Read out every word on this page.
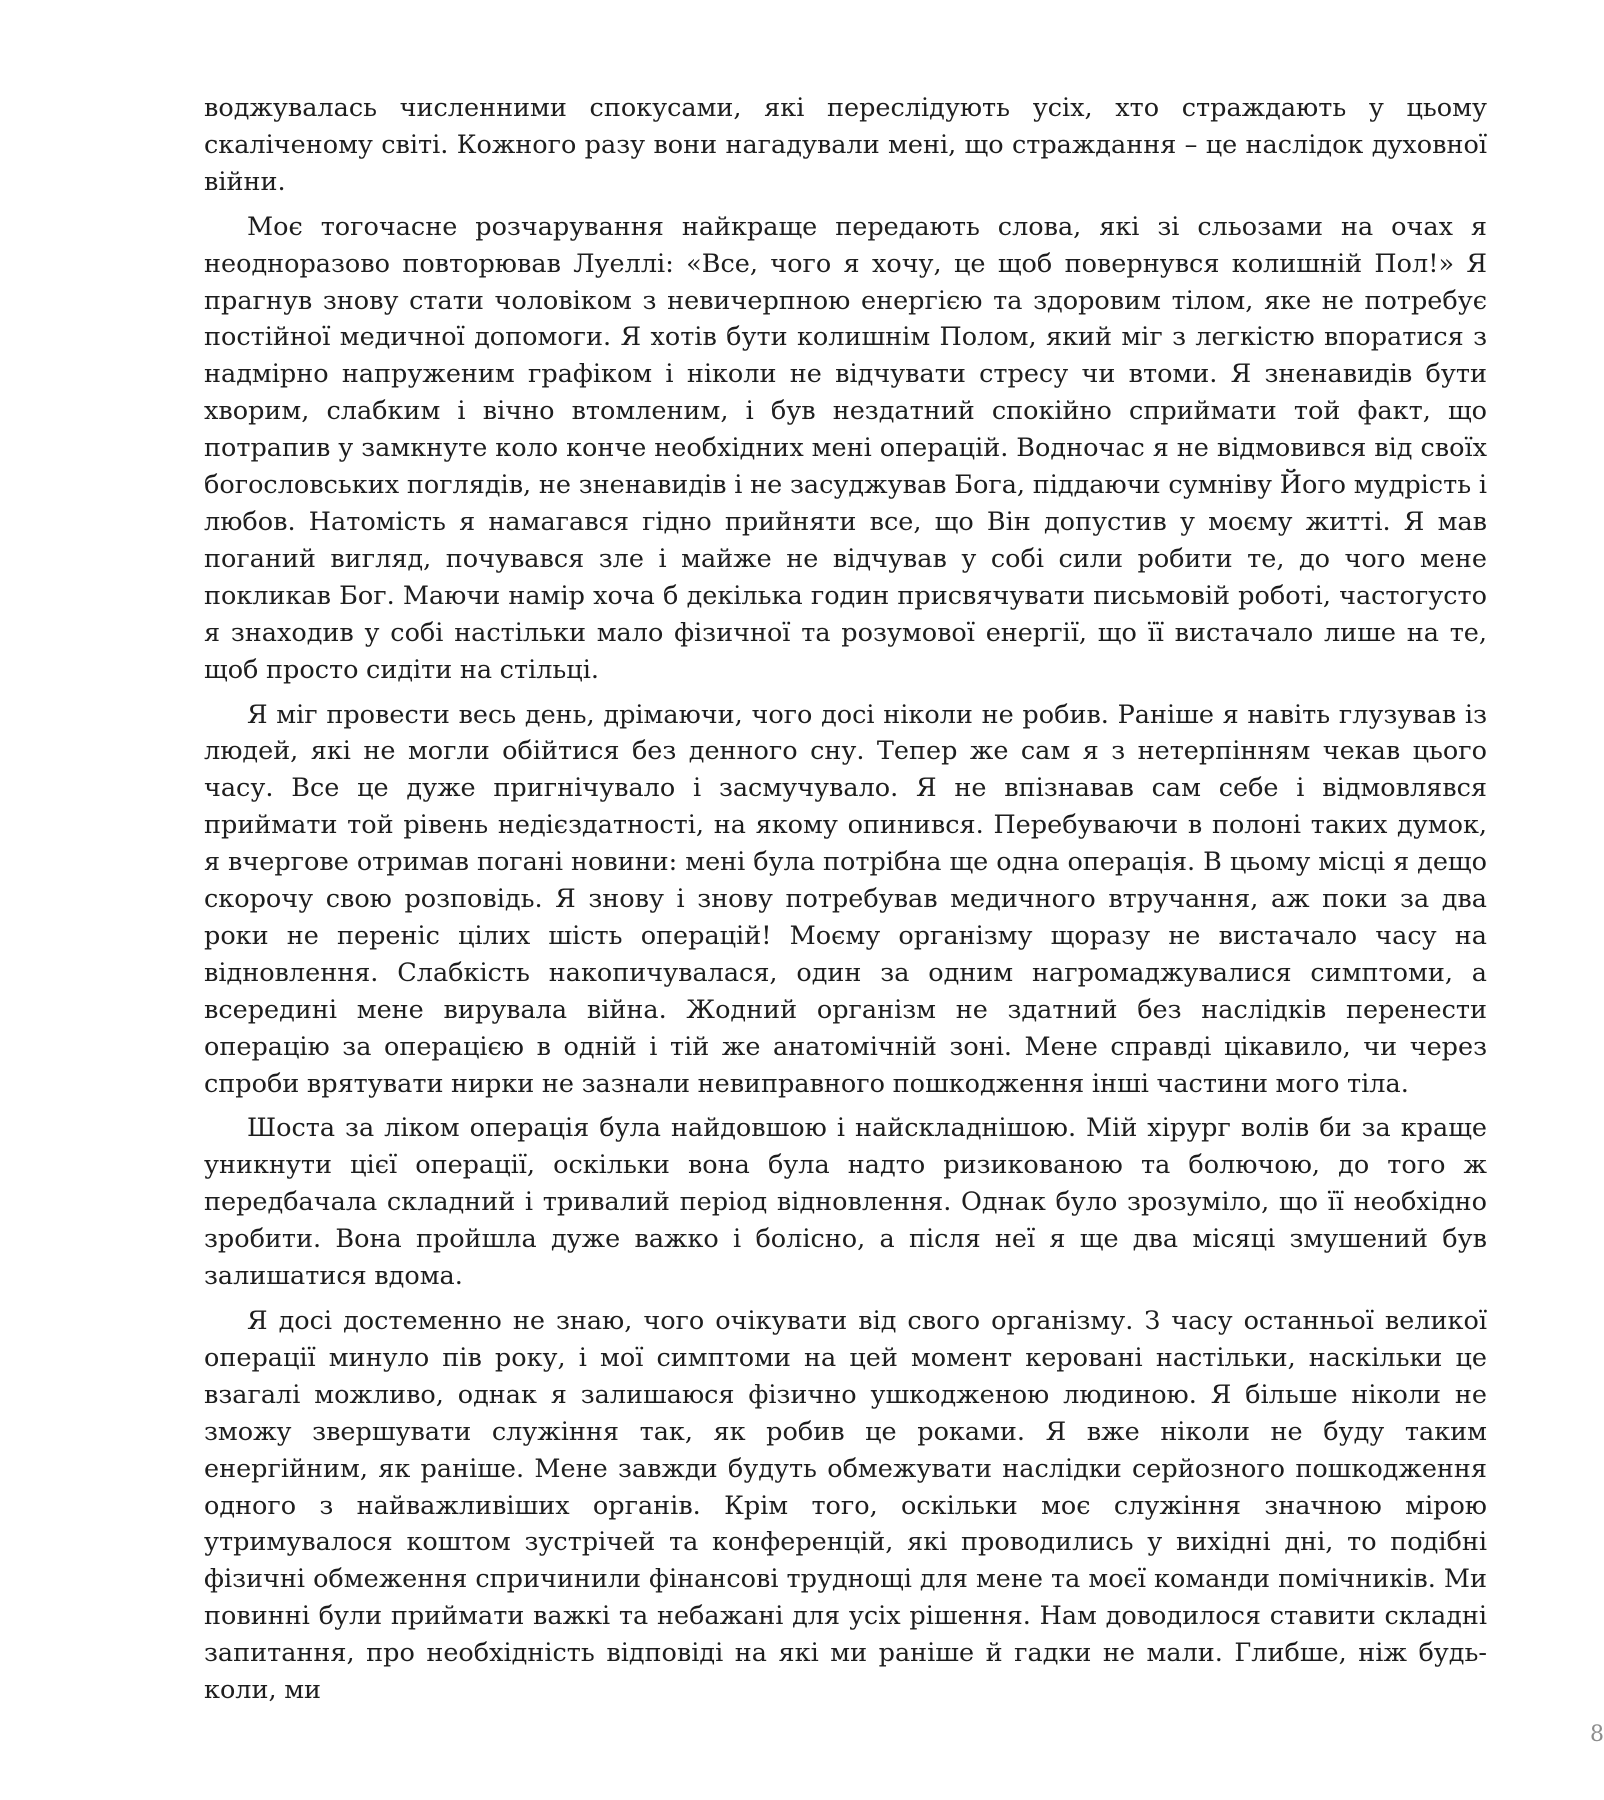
воджувалась численними спокусами, які переслідують усіх, хто страждають у цьому скаліченому світі. Кожного разу вони нагадували мені, що страждання – це наслідок духовної війни.

Моє тогочасне розчарування найкраще передають слова, які зі сльозами на очах я неодноразово повторював Луеллі: «Все, чого я хочу, це щоб повернувся колишній Пол!» Я прагнув знову стати чоловіком з невичерпною енергією та здоровим тілом, яке не потребує постійної медичної допомоги. Я хотів бути колишнім Полом, який міг з легкістю впоратися з надмірно напруженим графіком і ніколи не відчувати стресу чи втоми. Я зненавидів бути хворим, слабким і вічно втомленим, і був нездатний спокійно сприймати той факт, що потрапив у замкнуте коло конче необхідних мені операцій. Водночас я не відмовився від своїх богословських поглядів, не зненавидів і не засуджував Бога, піддаючи сумніву Його мудрість і любов. Натомість я намагався гідно прийняти все, що Він допустив у моєму житті. Я мав поганий вигляд, почувався зле і майже не відчував у собі сили робити те, до чого мене покликав Бог. Маючи намір хоча б декілька годин присвячувати письмовій роботі, частогусто я знаходив у собі настільки мало фізичної та розумової енергії, що її вистачало лише на те, щоб просто сидіти на стільці.

Я міг провести весь день, дрімаючи, чого досі ніколи не робив. Раніше я навіть глузував із людей, які не могли обійтися без денного сну. Тепер же сам я з нетерпінням чекав цього часу. Все це дуже пригнічувало і засмучувало. Я не впізнавав сам себе і відмовлявся приймати той рівень недієздатності, на якому опинився. Перебуваючи в полоні таких думок, я вчергове отримав погані новини: мені була потрібна ще одна операція. В цьому місці я дещо скорочу свою розповідь. Я знову і знову потребував медичного втручання, аж поки за два роки не переніс цілих шість операцій! Моєму організму щоразу не вистачало часу на відновлення. Слабкість накопичувалася, один за одним нагромаджувалися симптоми, а всередині мене вирувала війна. Жодний організм не здатний без наслідків перенести операцію за операцією в одній і тій же анатомічній зоні. Мене справді цікавило, чи через спроби врятувати нирки не зазнали невиправного пошкодження інші частини мого тіла.

Шоста за ліком операція була найдовшою і найскладнішою. Мій хірург волів би за краще уникнути цієї операції, оскільки вона була надто ризикованою та болючою, до того ж передбачала складний і тривалий період відновлення. Однак було зрозуміло, що її необхідно зробити. Вона пройшла дуже важко і болісно, а після неї я ще два місяці змушений був залишатися вдома.

Я досі достеменно не знаю, чого очікувати від свого організму. З часу останньої великої операції минуло пів року, і мої симптоми на цей момент керовані настільки, наскільки це взагалі можливо, однак я залишаюся фізично ушкодженою людиною. Я більше ніколи не зможу звершувати служіння так, як робив це роками. Я вже ніколи не буду таким енергійним, як раніше. Мене завжди будуть обмежувати наслідки серйозного пошкодження одного з найважливіших органів. Крім того, оскільки моє служіння значною мірою утримувалося коштом зустрічей та конференцій, які проводились у вихідні дні, то подібні фізичні обмеження спричинили фінансові труднощі для мене та моєї команди помічників. Ми повинні були приймати важкі та небажані для усіх рішення. Нам доводилося ставити складні запитання, про необхідність відповіді на які ми раніше й гадки не мали. Глибше, ніж будь-коли, ми

8
